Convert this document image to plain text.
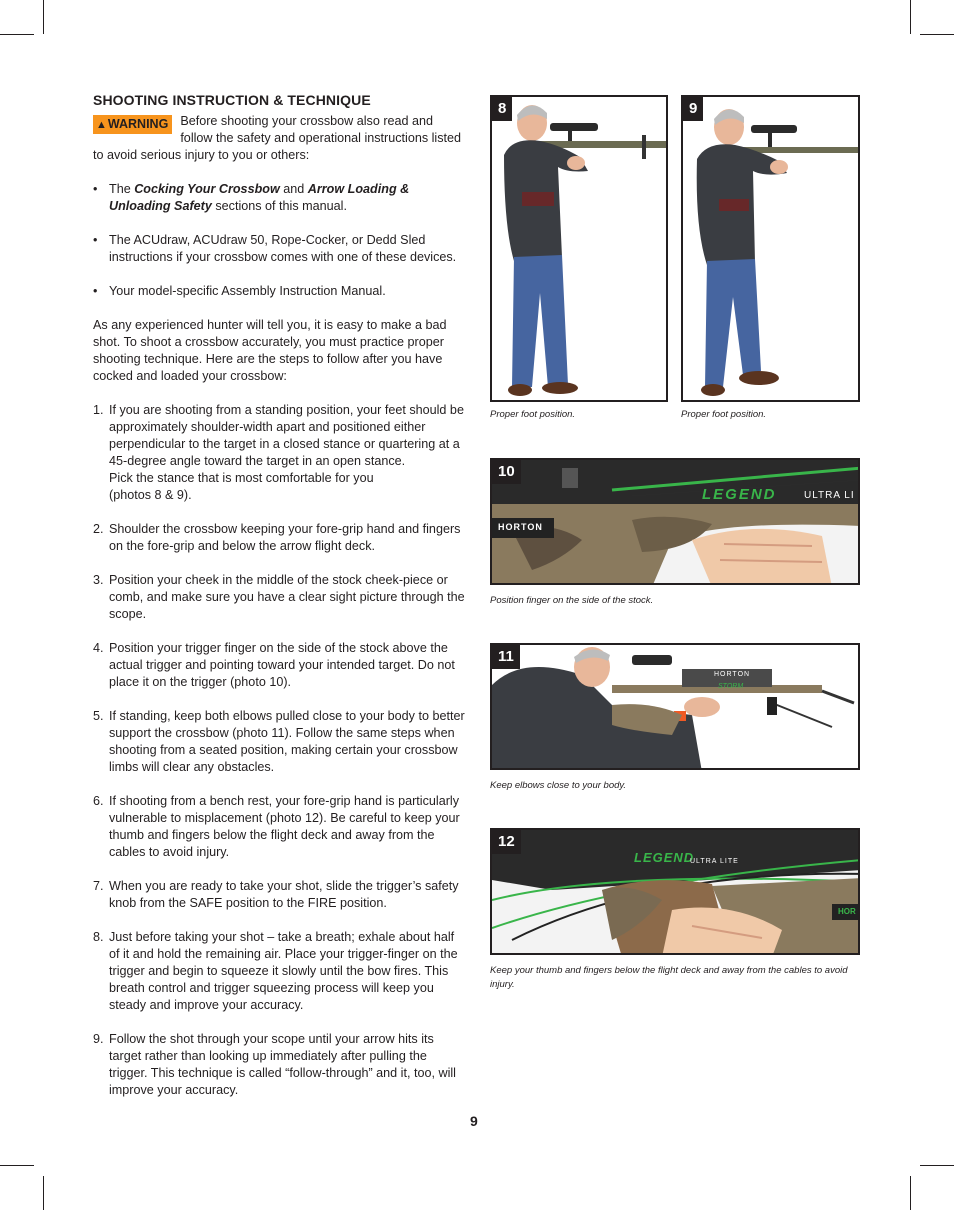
SHOOTING INSTRUCTION & TECHNIQUE
▲WARNING Before shooting your crossbow also read and follow the safety and operational instructions listed to avoid serious injury to you or others:

• The Cocking Your Crossbow and Arrow Loading & Unloading Safety sections of this manual.
• The ACUdraw, ACUdraw 50, Rope-Cocker, or Dedd Sled instructions if your crossbow comes with one of these devices.
• Your model-specific Assembly Instruction Manual.

As any experienced hunter will tell you, it is easy to make a bad shot. To shoot a crossbow accurately, you must practice proper shooting technique. Here are the steps to follow after you have cocked and loaded your crossbow:

1. If you are shooting from a standing position, your feet should be approximately shoulder-width apart and positioned either perpendicular to the target in a closed stance or quartering at a 45-degree angle toward the target in an open stance.
Pick the stance that is most comfortable for you
(photos 8 & 9).
2. Shoulder the crossbow keeping your fore-grip hand and fingers on the fore-grip and below the arrow flight deck.
3. Position your cheek in the middle of the stock cheek-piece or comb, and make sure you have a clear sight picture through the scope.
4. Position your trigger finger on the side of the stock above the actual trigger and pointing toward your intended target. Do not place it on the trigger (photo 10).
5. If standing, keep both elbows pulled close to your body to better support the crossbow (photo 11). Follow the same steps when shooting from a seated position, making certain your crossbow limbs will clear any obstacles.
6. If shooting from a bench rest, your fore-grip hand is particularly vulnerable to misplacement (photo 12). Be careful to keep your thumb and fingers below the flight deck and away from the cables to avoid injury.
7. When you are ready to take your shot, slide the trigger’s safety knob from the SAFE position to the FIRE position.
8. Just before taking your shot – take a breath; exhale about half of it and hold the remaining air. Place your trigger-finger on the trigger and begin to squeeze it slowly until the bow fires. This breath control and trigger squeezing process will keep you steady and improve your accuracy.
9. Follow the shot through your scope until your arrow hits its target rather than looking up immediately after pulling the trigger. This technique is called “follow-through” and it, too, will improve your accuracy.
8
Proper foot position.
9
Proper foot position.
10
HORTON
LEGEND	ULTRA LI
Position finger on the side of the stock.
11
HORTON
STORM
Keep elbows close to your body.
12
LEGEND
ULTRA LITE
HOR
Keep your thumb and fingers below the flight deck and away from the cables to avoid injury.
9
